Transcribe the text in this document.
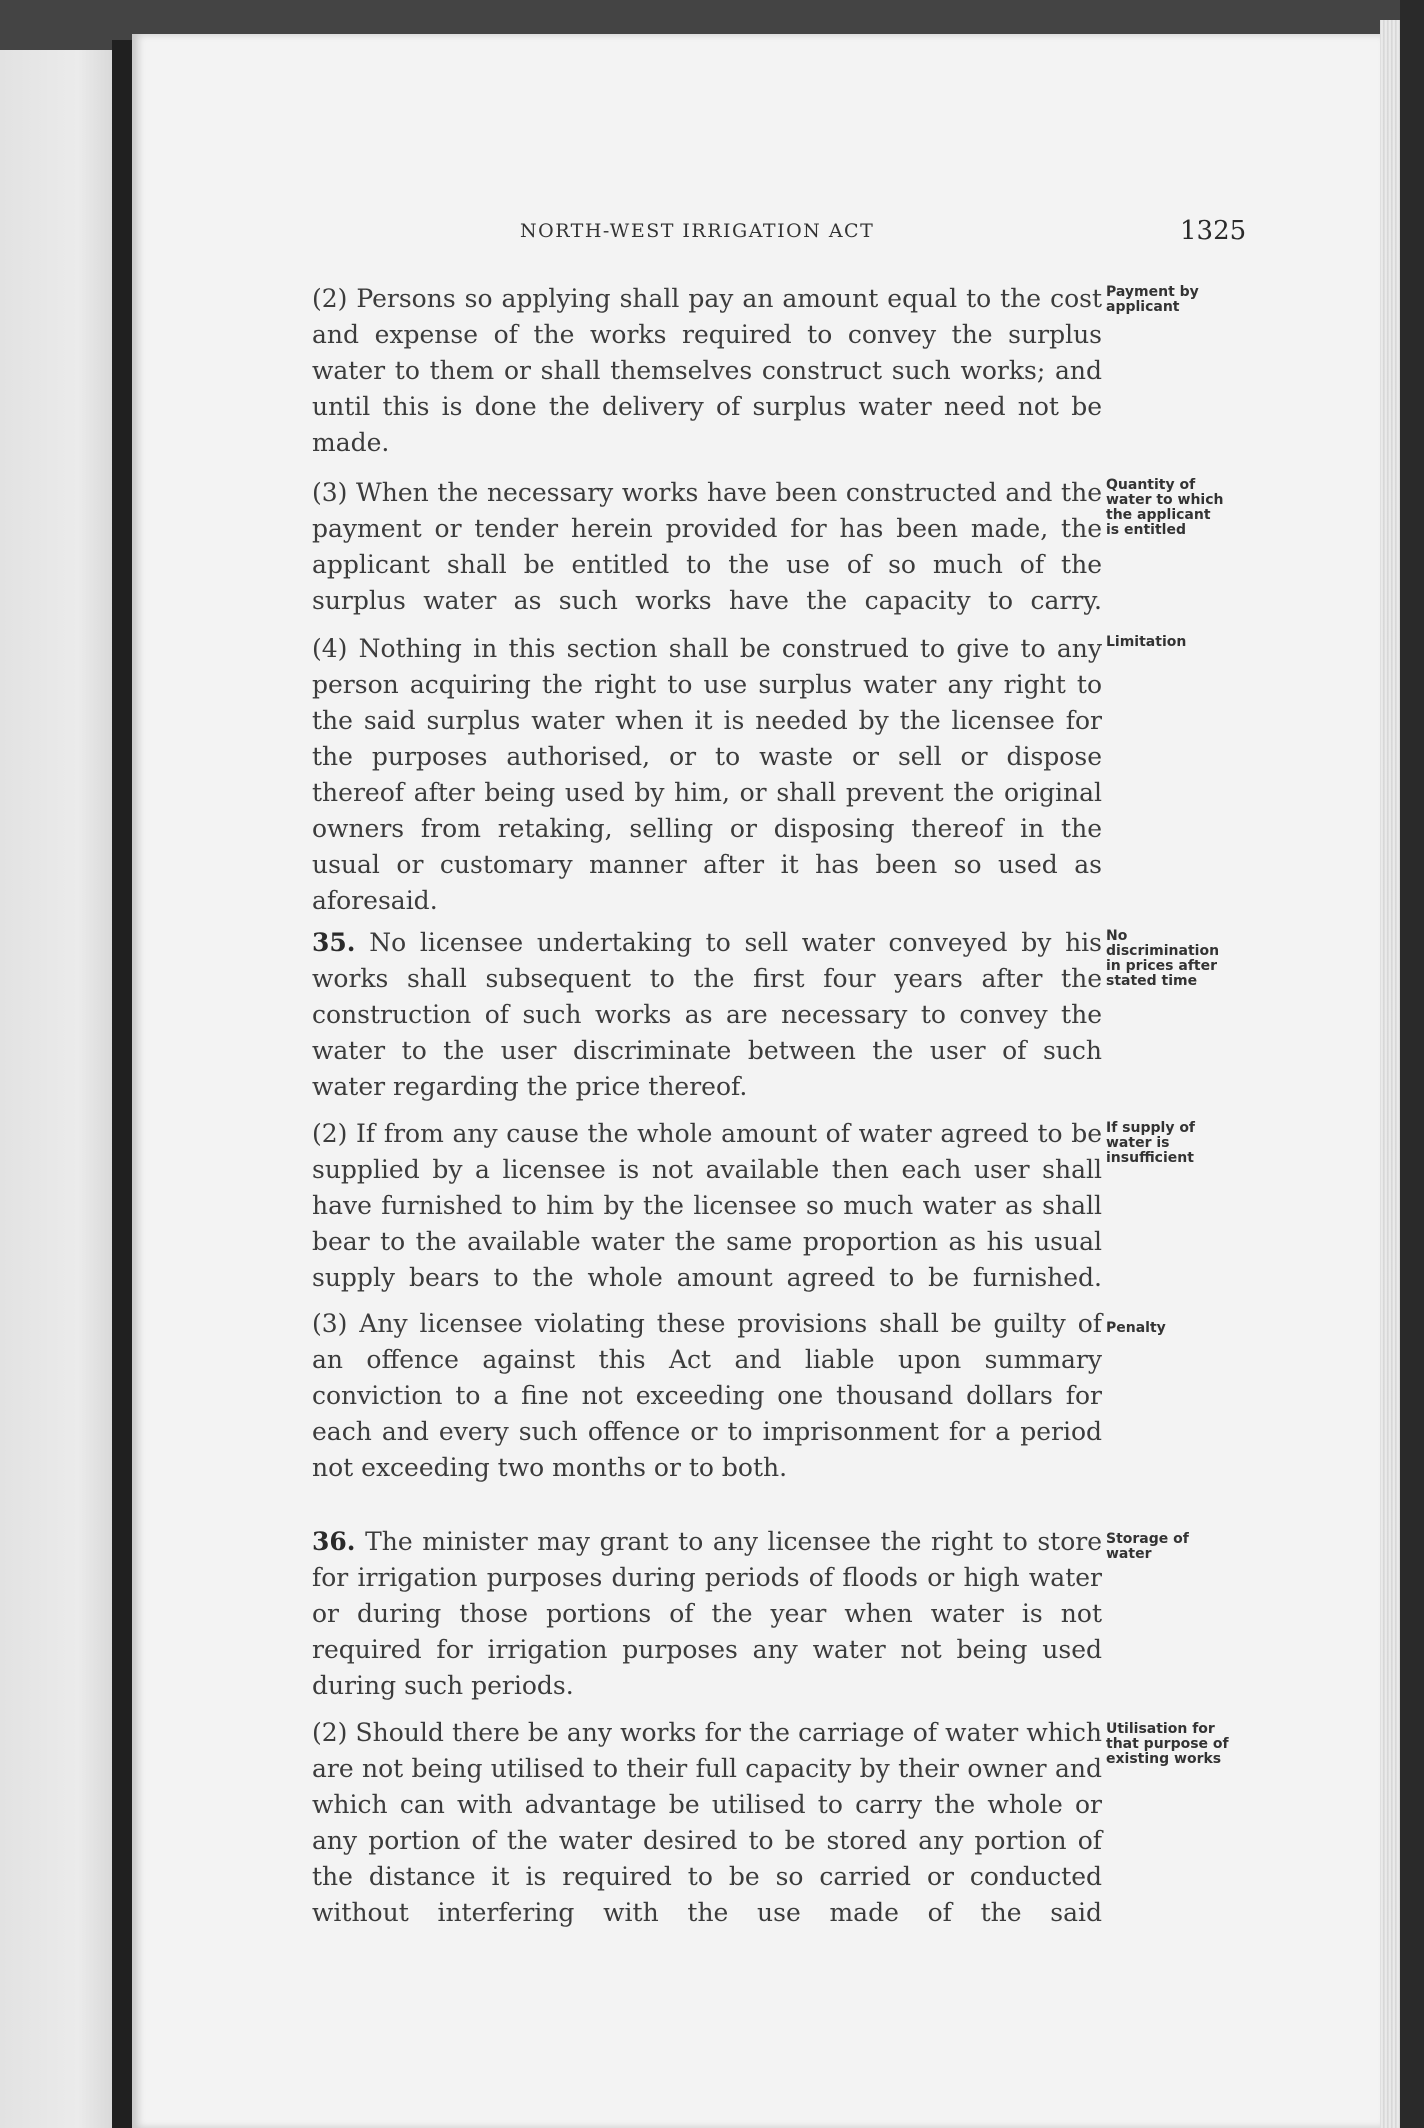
NORTH-WEST IRRIGATION ACT	1325

(2) Persons so applying shall pay an amount equal to the cost and expense of the works required to convey the surplus water to them or shall themselves construct such works; and until this is done the delivery of surplus water need not be made.

(3) When the necessary works have been constructed and the payment or tender herein provided for has been made, the applicant shall be entitled to the use of so much of the surplus water as such works have the capacity to carry.

(4) Nothing in this section shall be construed to give to any person acquiring the right to use surplus water any right to the said surplus water when it is needed by the licensee for the purposes authorised, or to waste or sell or dispose thereof after being used by him, or shall prevent the original owners from retaking, selling or disposing thereof in the usual or customary manner after it has been so used as aforesaid.

35. No licensee undertaking to sell water conveyed by his works shall subsequent to the first four years after the construction of such works as are necessary to convey the water to the user discriminate between the user of such water regarding the price thereof.

(2) If from any cause the whole amount of water agreed to be supplied by a licensee is not available then each user shall have furnished to him by the licensee so much water as shall bear to the available water the same proportion as his usual supply bears to the whole amount agreed to be furnished.

(3) Any licensee violating these provisions shall be guilty of an offence against this Act and liable upon summary conviction to a fine not exceeding one thousand dollars for each and every such offence or to imprisonment for a period not exceeding two months or to both.

36. The minister may grant to any licensee the right to store for irrigation purposes during periods of floods or high water or during those portions of the year when water is not required for irrigation purposes any water not being used during such periods.

(2) Should there be any works for the carriage of water which are not being utilised to their full capacity by their owner and which can with advantage be utilised to carry the whole or any portion of the water desired to be stored any portion of the distance it is required to be so carried or conducted without interfering with the use made of the said

Payment by applicant

Quantity of water to which the applicant is entitled

Limitation

No discrimination in prices after stated time

If supply of water is insufficient

Penalty

Storage of water

Utilisation for that purpose of existing works
